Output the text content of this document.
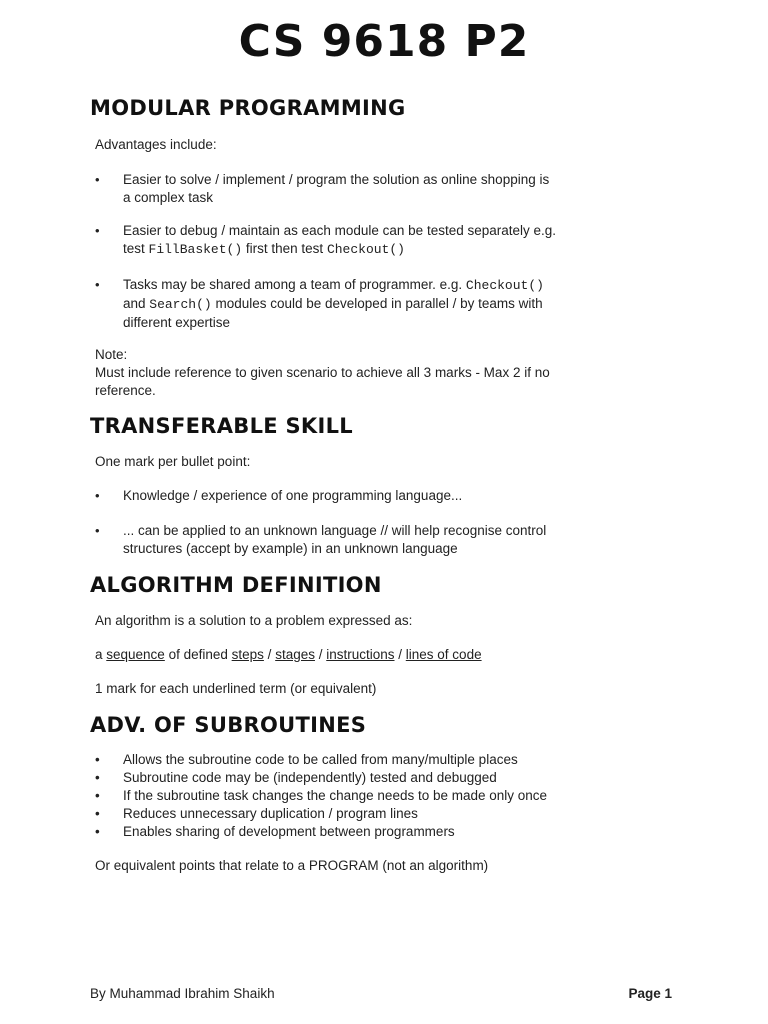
CS 9618 P2
MODULAR PROGRAMMING
Advantages include:
•	Easier to solve / implement / program the solution as online shopping is
a complex task
•	Easier to debug / maintain as each module can be tested separately e.g.
test FillBasket() first then test Checkout()
•	Tasks may be shared among a team of programmer. e.g. Checkout()
and Search() modules could be developed in parallel / by teams with
different expertise
Note:
Must include reference to given scenario to achieve all 3 marks - Max 2 if no
reference.
TRANSFERABLE SKILL
One mark per bullet point:
•	Knowledge / experience of one programming language...
•	... can be applied to an unknown language // will help recognise control
structures (accept by example) in an unknown language
ALGORITHM DEFINITION
An algorithm is a solution to a problem expressed as:
a sequence of defined steps / stages / instructions / lines of code
1 mark for each underlined term (or equivalent)
ADV. OF SUBROUTINES
• Allows the subroutine code to be called from many/multiple places
• Subroutine code may be (independently) tested and debugged
• If the subroutine task changes the change needs to be made only once
• Reduces unnecessary duplication / program lines
• Enables sharing of development between programmers
Or equivalent points that relate to a PROGRAM (not an algorithm)
By Muhammad Ibrahim Shaikh	Page 1
